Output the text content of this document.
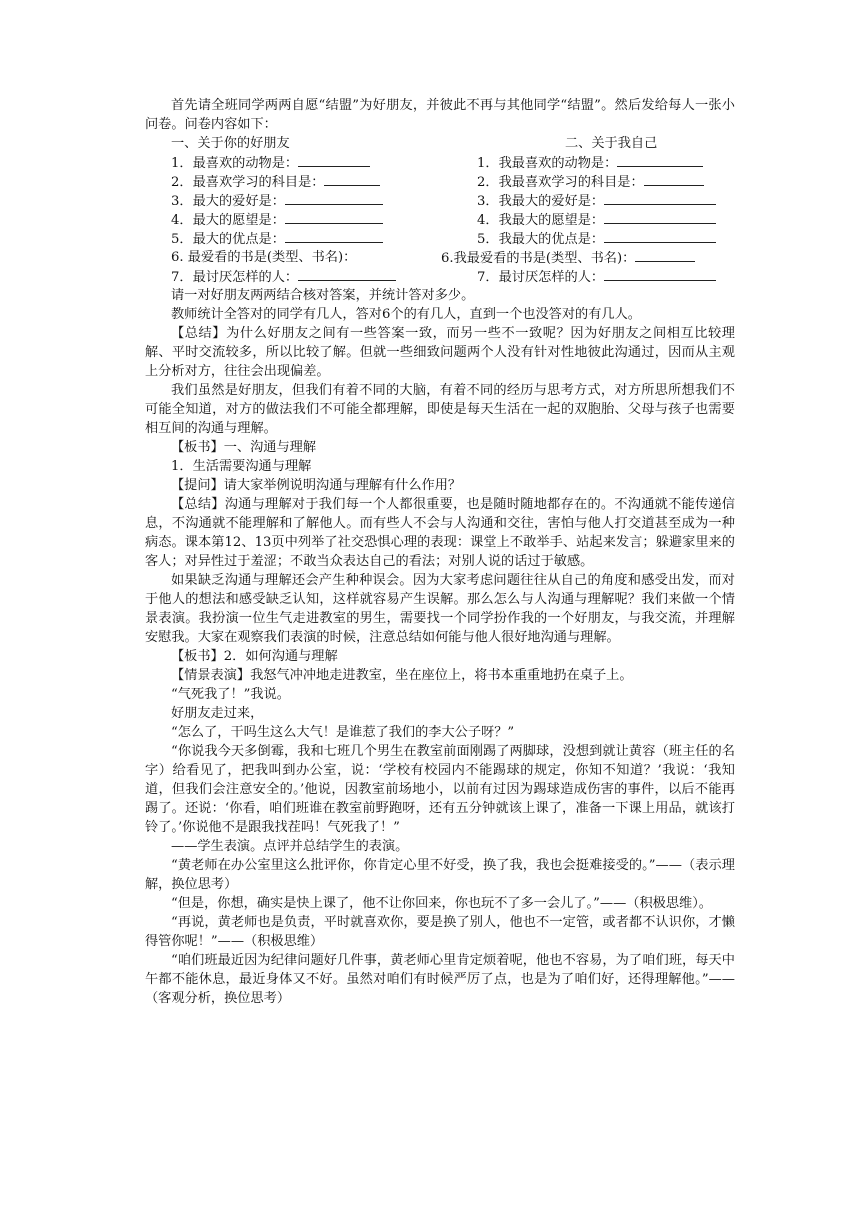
首先请全班同学两两自愿“结盟”为好朋友，并彼此不再与其他同学“结盟”。然后发给每人一张小问卷。问卷内容如下：

一、关于你的好朋友	二、关于我自己
1．最喜欢的动物是：
2．最喜欢学习的科目是：
3．最大的爱好是：
4．最大的愿望是：
5．最大的优点是：
6. 最爱看的书是(类型、书名)：
7．最讨厌怎样的人：
1．我最喜欢的动物是：
2．我最喜欢学习的科目是：
3．我最大的爱好是：
4．我最大的愿望是：
5．我最大的优点是：
6.我最爱看的书是(类型、书名)：
7．最讨厌怎样的人：

请一对好朋友两两结合核对答案，并统计答对多少。

教师统计全答对的同学有几人，答对6个的有几人，直到一个也没答对的有几人。

【总结】为什么好朋友之间有一些答案一致，而另一些不一致呢？因为好朋友之间相互比较理解、平时交流较多，所以比较了解。但就一些细致问题两个人没有针对性地彼此沟通过，因而从主观上分析对方，往往会出现偏差。

我们虽然是好朋友，但我们有着不同的大脑，有着不同的经历与思考方式，对方所思所想我们不可能全知道，对方的做法我们不可能全都理解，即使是每天生活在一起的双胞胎、父母与孩子也需要相互间的沟通与理解。

【板书】一、沟通与理解

1．生活需要沟通与理解

【提问】请大家举例说明沟通与理解有什么作用？

【总结】沟通与理解对于我们每一个人都很重要，也是随时随地都存在的。不沟通就不能传递信息，不沟通就不能理解和了解他人。而有些人不会与人沟通和交往，害怕与他人打交道甚至成为一种病态。课本第12、13页中列举了社交恐惧心理的表现：课堂上不敢举手、站起来发言；躲避家里来的客人；对异性过于羞涩；不敢当众表达自己的看法；对别人说的话过于敏感。

如果缺乏沟通与理解还会产生种种误会。因为大家考虑问题往往从自己的角度和感受出发，而对于他人的想法和感受缺乏认知，这样就容易产生误解。那么怎么与人沟通与理解呢？我们来做一个情景表演。我扮演一位生气走进教室的男生，需要找一个同学扮作我的一个好朋友，与我交流，并理解安慰我。大家在观察我们表演的时候，注意总结如何能与他人很好地沟通与理解。

【板书】2．如何沟通与理解

【情景表演】我怒气冲冲地走进教室，坐在座位上，将书本重重地扔在桌子上。

“气死我了！”我说。

好朋友走过来，

“怎么了，干吗生这么大气！是谁惹了我们的李大公子呀？”

“你说我今天多倒霉，我和七班几个男生在教室前面刚踢了两脚球，没想到就让黄容（班主任的名字）给看见了，把我叫到办公室，说：‘学校有校园内不能踢球的规定，你知不知道？’我说：‘我知道，但我们会注意安全的。’他说，因教室前场地小，以前有过因为踢球造成伤害的事件，以后不能再踢了。还说：‘你看，咱们班谁在教室前野跑呀，还有五分钟就该上课了，准备一下课上用品，就该打铃了。’你说他不是跟我找茬吗！气死我了！”

——学生表演。点评并总结学生的表演。

“黄老师在办公室里这么批评你，你肯定心里不好受，换了我，我也会挺难接受的。”——（表示理解，换位思考）

“但是，你想，确实是快上课了，他不让你回来，你也玩不了多一会儿了。”——（积极思维）。

“再说，黄老师也是负责，平时就喜欢你，要是换了别人，他也不一定管，或者都不认识你，才懒得管你呢！”——（积极思维）

“咱们班最近因为纪律问题好几件事，黄老师心里肯定烦着呢，他也不容易，为了咱们班，每天中午都不能休息，最近身体又不好。虽然对咱们有时候严厉了点，也是为了咱们好，还得理解他。”——（客观分析，换位思考）
